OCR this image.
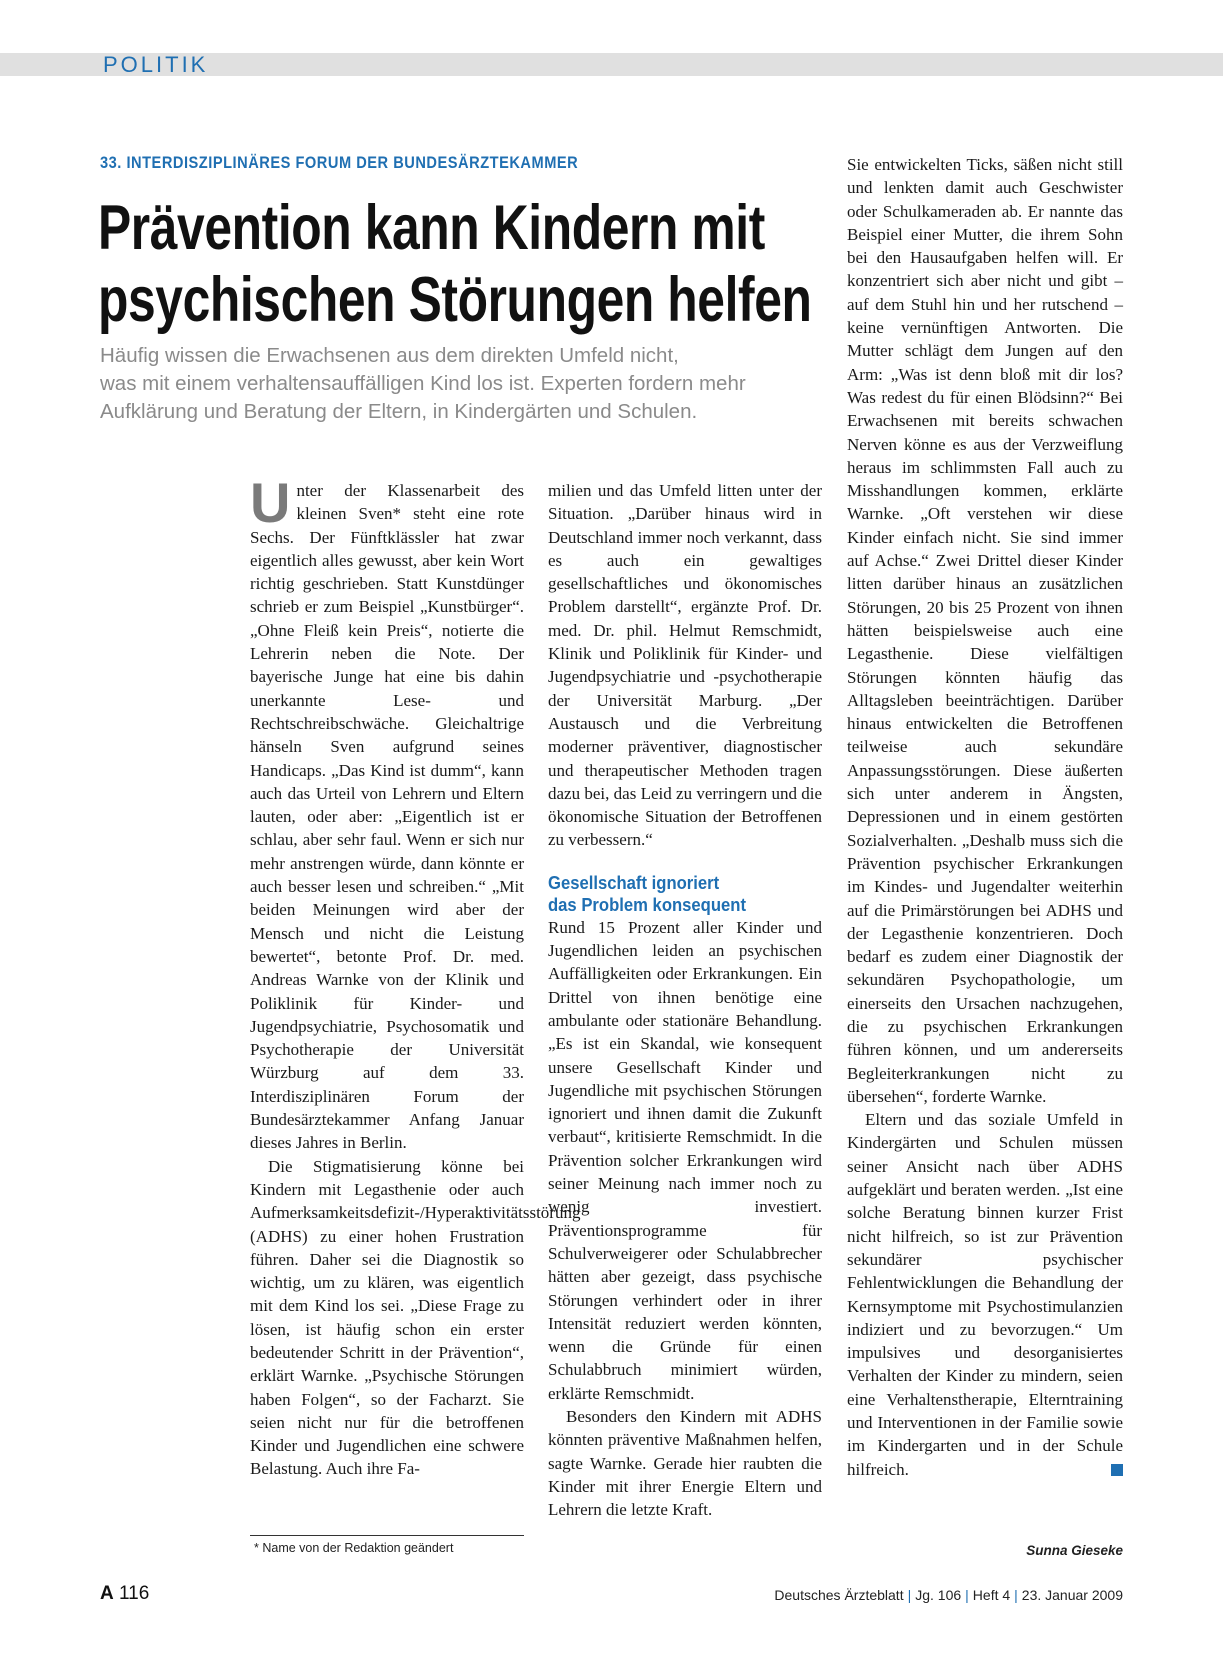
POLITIK
33. INTERDISZIPLINÄRES FORUM DER BUNDESÄRZTEKAMMER
Prävention kann Kindern mit
psychischen Störungen helfen
Häufig wissen die Erwachsenen aus dem direkten Umfeld nicht,
was mit einem verhaltensauffälligen Kind los ist. Experten fordern mehr
Aufklärung und Beratung der Eltern, in Kindergärten und Schulen.

Unter der Klassenarbeit des kleinen Sven* steht eine rote Sechs. Der Fünftklässler hat zwar eigentlich alles gewusst, aber kein Wort richtig geschrieben. Statt Kunstdünger schrieb er zum Beispiel „Kunstbürger“. „Ohne Fleiß kein Preis“, notierte die Lehrerin neben die Note. Der bayerische Junge hat eine bis dahin unerkannte Lese- und Rechtschreibschwäche. Gleichaltrige hänseln Sven aufgrund seines Handicaps. „Das Kind ist dumm“, kann auch das Urteil von Lehrern und Eltern lauten, oder aber: „Eigentlich ist er schlau, aber sehr faul. Wenn er sich nur mehr anstrengen würde, dann könnte er auch besser lesen und schreiben.“ „Mit beiden Meinungen wird aber der Mensch und nicht die Leistung bewertet“, betonte Prof. Dr. med. Andreas Warnke von der Klinik und Poliklinik für Kinder- und Jugendpsychiatrie, Psychosomatik und Psychotherapie der Universität Würzburg auf dem 33. Interdisziplinären Forum der Bundesärztekammer Anfang Januar dieses Jahres in Berlin.

Die Stigmatisierung könne bei Kindern mit Legasthenie oder auch Aufmerksamkeitsdefizit-/Hyperaktivitätsstörung (ADHS) zu einer hohen Frustration führen. Daher sei die Diagnostik so wichtig, um zu klären, was eigentlich mit dem Kind los sei. „Diese Frage zu lösen, ist häufig schon ein erster bedeutender Schritt in der Prävention“, erklärt Warnke. „Psychische Störungen haben Folgen“, so der Facharzt. Sie seien nicht nur für die betroffenen Kinder und Jugendlichen eine schwere Belastung. Auch ihre Fa-

milien und das Umfeld litten unter der Situation. „Darüber hinaus wird in Deutschland immer noch verkannt, dass es auch ein gewaltiges gesellschaftliches und ökonomisches Problem darstellt“, ergänzte Prof. Dr. med. Dr. phil. Helmut Remschmidt, Klinik und Poliklinik für Kinder- und Jugendpsychiatrie und -psychotherapie der Universität Marburg. „Der Austausch und die Verbreitung moderner präventiver, diagnostischer und therapeutischer Methoden tragen dazu bei, das Leid zu verringern und die ökonomische Situation der Betroffenen zu verbessern.“

Gesellschaft ignoriert
das Problem konsequent

Rund 15 Prozent aller Kinder und Jugendlichen leiden an psychischen Auffälligkeiten oder Erkrankungen. Ein Drittel von ihnen benötige eine ambulante oder stationäre Behandlung. „Es ist ein Skandal, wie konsequent unsere Gesellschaft Kinder und Jugendliche mit psychischen Störungen ignoriert und ihnen damit die Zukunft verbaut“, kritisierte Remschmidt. In die Prävention solcher Erkrankungen wird seiner Meinung nach immer noch zu wenig investiert. Präventionsprogramme für Schulverweigerer oder Schulabbrecher hätten aber gezeigt, dass psychische Störungen verhindert oder in ihrer Intensität reduziert werden könnten, wenn die Gründe für einen Schulabbruch minimiert würden, erklärte Remschmidt.

Besonders den Kindern mit ADHS könnten präventive Maßnahmen helfen, sagte Warnke. Gerade hier raubten die Kinder mit ihrer Energie Eltern und Lehrern die letzte Kraft.

Sie entwickelten Ticks, säßen nicht still und lenkten damit auch Geschwister oder Schulkameraden ab. Er nannte das Beispiel einer Mutter, die ihrem Sohn bei den Hausaufgaben helfen will. Er konzentriert sich aber nicht und gibt – auf dem Stuhl hin und her rutschend – keine vernünftigen Antworten. Die Mutter schlägt dem Jungen auf den Arm: „Was ist denn bloß mit dir los? Was redest du für einen Blödsinn?“ Bei Erwachsenen mit bereits schwachen Nerven könne es aus der Verzweiflung heraus im schlimmsten Fall auch zu Misshandlungen kommen, erklärte Warnke. „Oft verstehen wir diese Kinder einfach nicht. Sie sind immer auf Achse.“ Zwei Drittel dieser Kinder litten darüber hinaus an zusätzlichen Störungen, 20 bis 25 Prozent von ihnen hätten beispielsweise auch eine Legasthenie. Diese vielfältigen Störungen könnten häufig das Alltagsleben beeinträchtigen. Darüber hinaus entwickelten die Betroffenen teilweise auch sekundäre Anpassungsstörungen. Diese äußerten sich unter anderem in Ängsten, Depressionen und in einem gestörten Sozialverhalten. „Deshalb muss sich die Prävention psychischer Erkrankungen im Kindes- und Jugendalter weiterhin auf die Primärstörungen bei ADHS und der Legasthenie konzentrieren. Doch bedarf es zudem einer Diagnostik der sekundären Psychopathologie, um einerseits den Ursachen nachzugehen, die zu psychischen Erkrankungen führen können, und um andererseits Begleiterkrankungen nicht zu übersehen“, forderte Warnke.

Eltern und das soziale Umfeld in Kindergärten und Schulen müssen seiner Ansicht nach über ADHS aufgeklärt und beraten werden. „Ist eine solche Beratung binnen kurzer Frist nicht hilfreich, so ist zur Prävention sekundärer psychischer Fehlentwicklungen die Behandlung der Kernsymptome mit Psychostimulanzien indiziert und zu bevorzugen.“ Um impulsives und desorganisiertes Verhalten der Kinder zu mindern, seien eine Verhaltenstherapie, Elterntraining und Interventionen in der Familie sowie im Kindergarten und in der Schule hilfreich.

Sunna Gieseke
* Name von der Redaktion geändert
A 116	Deutsches Ärzteblatt | Jg. 106 | Heft 4 | 23. Januar 2009
